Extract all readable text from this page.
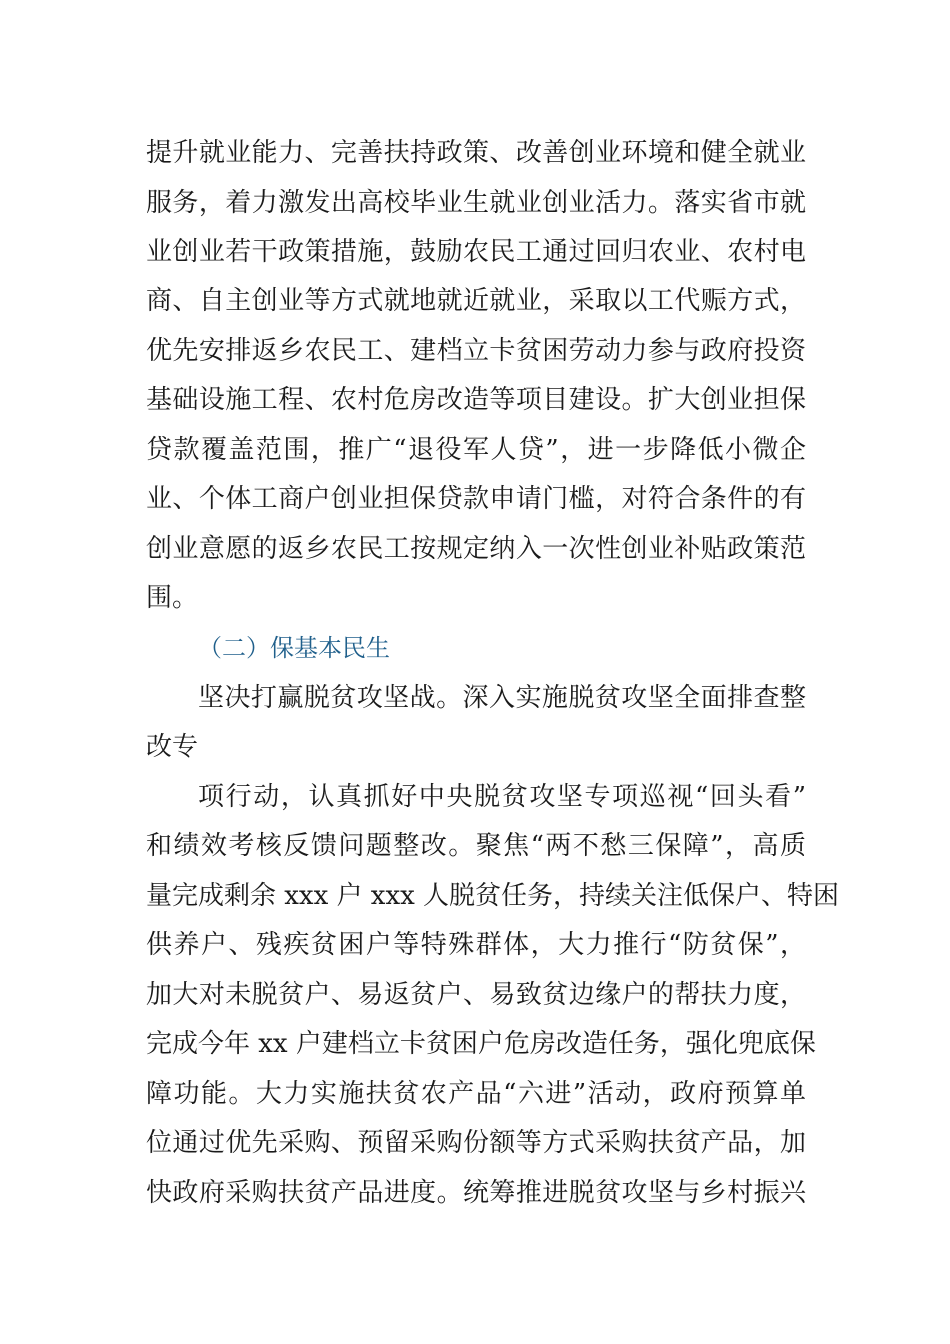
提升就业能力、完善扶持政策、改善创业环境和健全就业
服务，着力激发出高校毕业生就业创业活力。落实省市就
业创业若干政策措施，鼓励农民工通过回归农业、农村电
商、自主创业等方式就地就近就业，采取以工代赈方式，
优先安排返乡农民工、建档立卡贫困劳动力参与政府投资
基础设施工程、农村危房改造等项目建设。扩大创业担保
贷款覆盖范围，推广“退役军人贷”，进一步降低小微企
业、个体工商户创业担保贷款申请门槛，对符合条件的有
创业意愿的返乡农民工按规定纳入一次性创业补贴政策范
围。
（二）保基本民生
坚决打赢脱贫攻坚战。深入实施脱贫攻坚全面排查整
改专
项行动，认真抓好中央脱贫攻坚专项巡视“回头看”
和绩效考核反馈问题整改。聚焦“两不愁三保障”，高质
量完成剩余 xxx 户 xxx 人脱贫任务，持续关注低保户、特困
供养户、残疾贫困户等特殊群体，大力推行“防贫保”，
加大对未脱贫户、易返贫户、易致贫边缘户的帮扶力度，
完成今年 xx 户建档立卡贫困户危房改造任务，强化兜底保
障功能。大力实施扶贫农产品“六进”活动，政府预算单
位通过优先采购、预留采购份额等方式采购扶贫产品，加
快政府采购扶贫产品进度。统筹推进脱贫攻坚与乡村振兴
